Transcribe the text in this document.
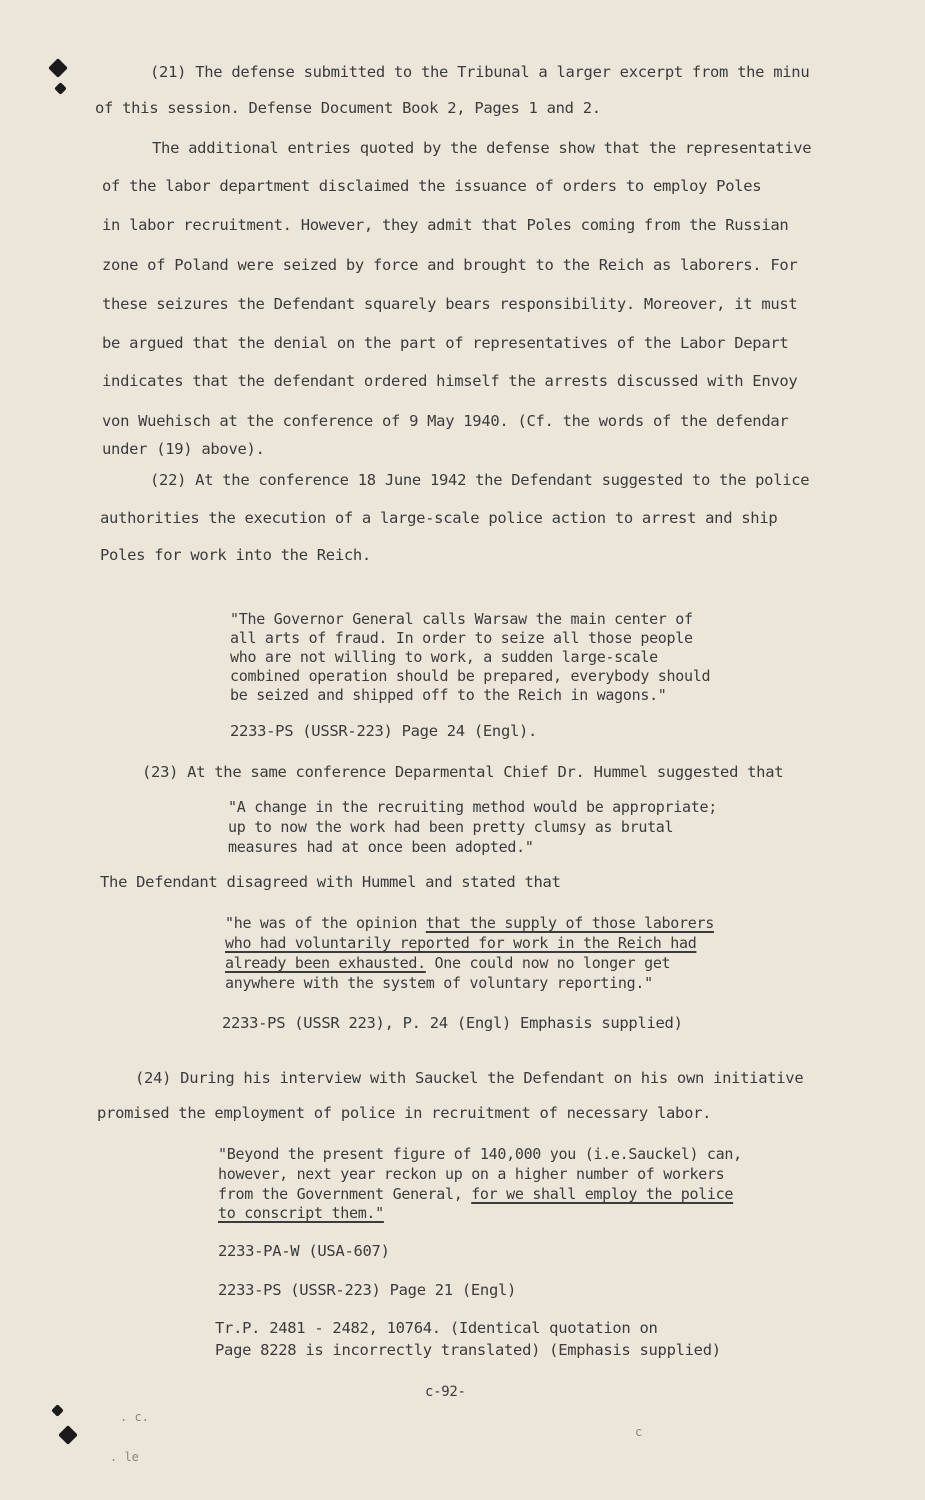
(21) The defense submitted to the Tribunal a larger excerpt from the minu
of this session. Defense Document Book 2, Pages 1 and 2.
The additional entries quoted by the defense show that the representative
of the labor department disclaimed the issuance of orders to employ Poles
in labor recruitment. However, they admit that Poles coming from the Russian
zone of Poland were seized by force and brought to the Reich as laborers. For
these seizures the Defendant squarely bears responsibility. Moreover, it must
be argued that the denial on the part of representatives of the Labor Depart
indicates that the defendant ordered himself the arrests discussed with Envoy
von Wuehisch at the conference of 9 May 1940. (Cf. the words of the defendar
under (19) above).
(22) At the conference 18 June 1942 the Defendant suggested to the police
authorities the execution of a large-scale police action to arrest and ship
Poles for work into the Reich.
"The Governor General calls Warsaw the main center of
all arts of fraud. In order to seize all those people
who are not willing to work, a sudden large-scale
combined operation should be prepared, everybody should
be seized and shipped off to the Reich in wagons."
2233-PS (USSR-223) Page 24 (Engl).
(23) At the same conference Deparmental Chief Dr. Hummel suggested that
"A change in the recruiting method would be appropriate;
up to now the work had been pretty clumsy as brutal
measures had at once been adopted."
The Defendant disagreed with Hummel and stated that
"he was of the opinion that the supply of those laborers
who had voluntarily reported for work in the Reich had
already been exhausted. One could now no longer get
anywhere with the system of voluntary reporting."
2233-PS (USSR 223), P. 24 (Engl) Emphasis supplied)
(24) During his interview with Sauckel the Defendant on his own initiative
promised the employment of police in recruitment of necessary labor.
"Beyond the present figure of 140,000 you (i.e.Sauckel) can,
however, next year reckon up on a higher number of workers
from the Government General, for we shall employ the police
to conscript them."
2233-PA-W (USA-607)
2233-PS (USSR-223) Page 21 (Engl)
Tr.P. 2481 - 2482, 10764. (Identical quotation on
Page 8228 is incorrectly translated) (Emphasis supplied)
c-92-
. c.
c
. le
